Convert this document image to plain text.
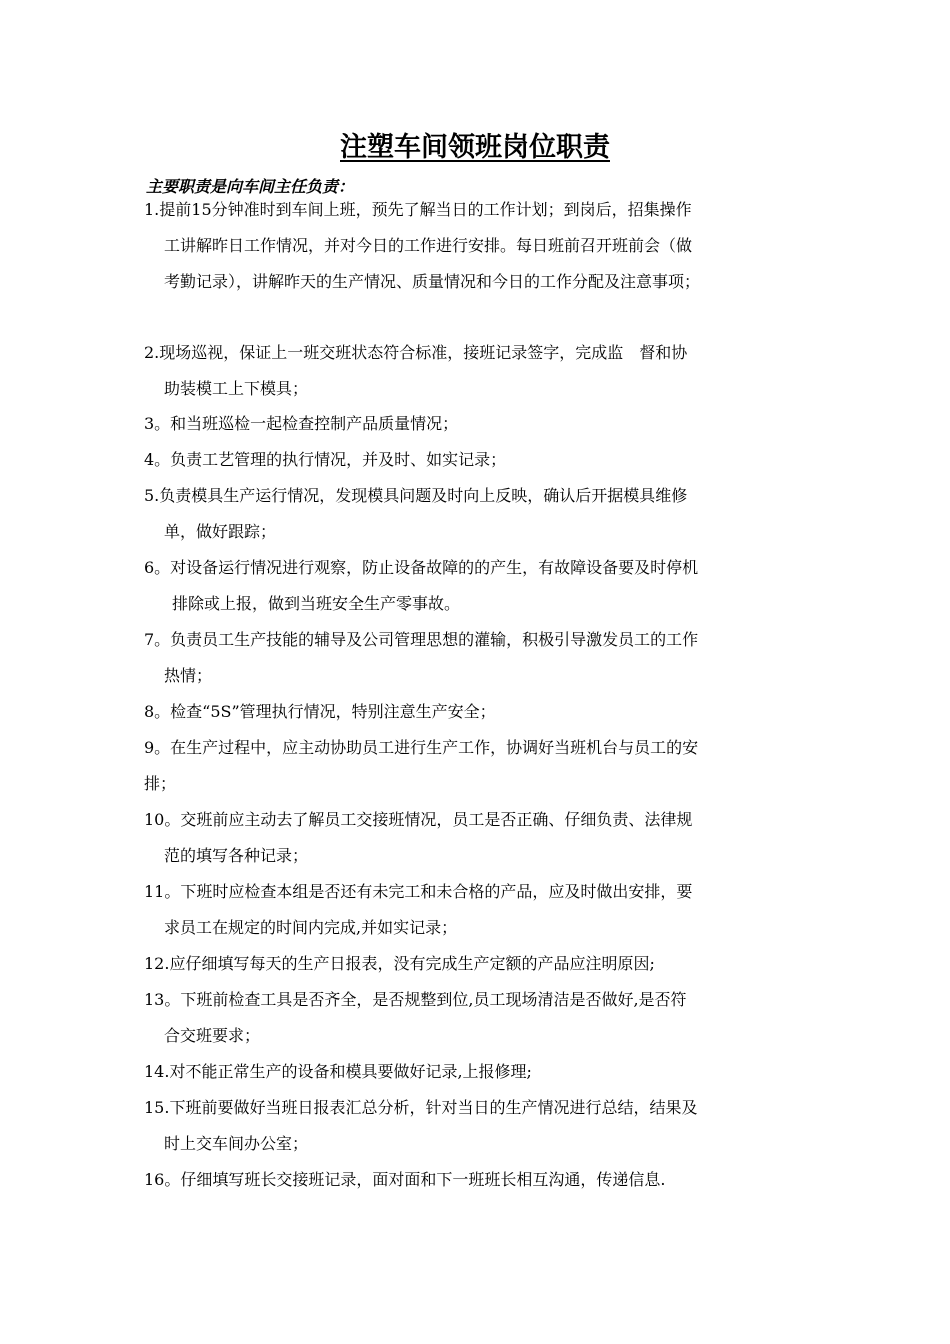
注塑车间领班岗位职责
主要职责是向车间主任负责：
1.提前15分钟准时到车间上班，预先了解当日的工作计划；到岗后，招集操作
工讲解昨日工作情况，并对今日的工作进行安排。每日班前召开班前会（做
考勤记录），讲解昨天的生产情况、质量情况和今日的工作分配及注意事项；
2.现场巡视，保证上一班交班状态符合标准，接班记录签字，完成监　督和协
助装模工上下模具；
3。和当班巡检一起检查控制产品质量情况；
4。负责工艺管理的执行情况，并及时、如实记录；
5.负责模具生产运行情况，发现模具问题及时向上反映，确认后开据模具维修
单，做好跟踪；
6。对设备运行情况进行观察，防止设备故障的的产生，有故障设备要及时停机
排除或上报，做到当班安全生产零事故。
7。负责员工生产技能的辅导及公司管理思想的灌输，积极引导激发员工的工作
热情；
8。检查“5S”管理执行情况，特别注意生产安全；
9。在生产过程中，应主动协助员工进行生产工作，协调好当班机台与员工的安
排；
10。交班前应主动去了解员工交接班情况，员工是否正确、仔细负责、法律规
范的填写各种记录；
11。下班时应检查本组是否还有未完工和未合格的产品，应及时做出安排，要
求员工在规定的时间内完成,并如实记录；
12.应仔细填写每天的生产日报表，没有完成生产定额的产品应注明原因;
13。下班前检查工具是否齐全，是否规整到位,员工现场清洁是否做好,是否符
合交班要求；
14.对不能正常生产的设备和模具要做好记录,上报修理;
15.下班前要做好当班日报表汇总分析，针对当日的生产情况进行总结，结果及
时上交车间办公室；
16。仔细填写班长交接班记录，面对面和下一班班长相互沟通，传递信息.
